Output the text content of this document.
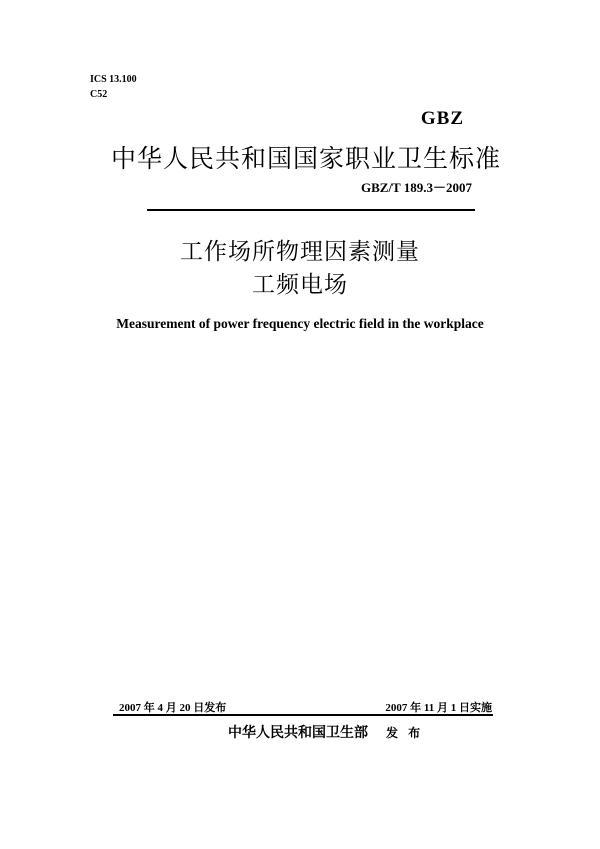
ICS 13.100
C52
GBZ
中华人民共和国国家职业卫生标准
GBZ/T 189.3－2007
工作场所物理因素测量
工频电场
Measurement of power frequency electric field in the workplace
2007 年 4 月 20 日发布	2007 年 11 月 1 日实施
中华人民共和国卫生部 发 布
